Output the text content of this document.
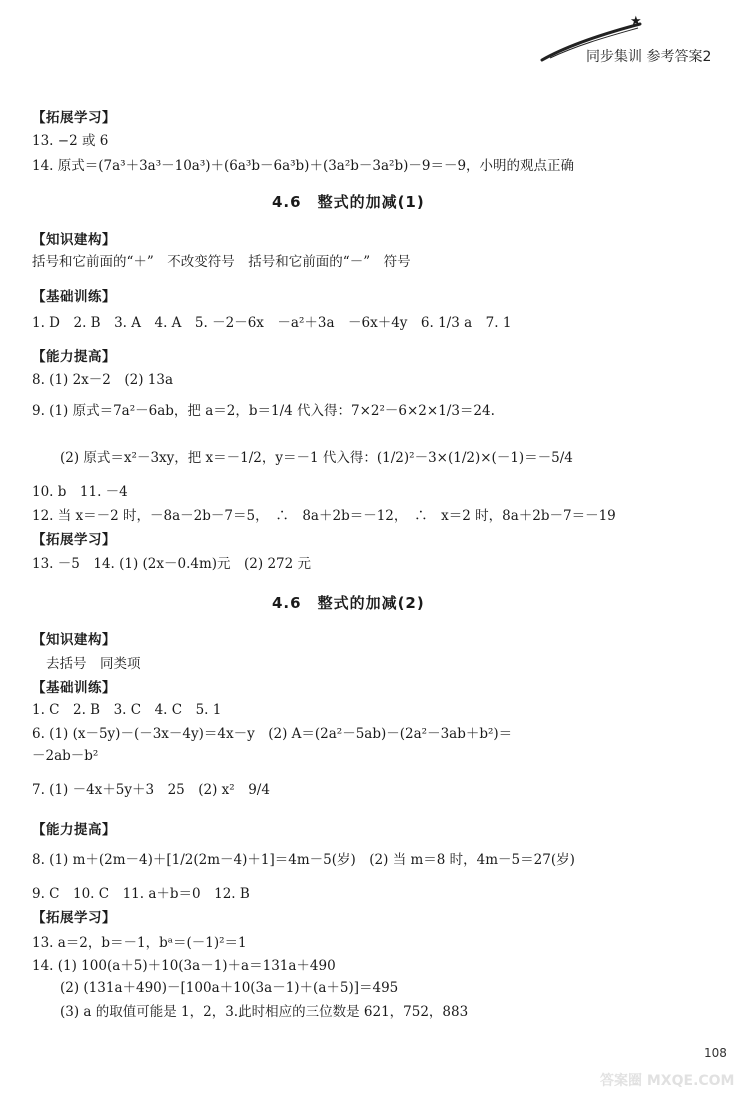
★
同步集训 参考答案2
【拓展学习】
13. −2 或 6
14. 原式＝(7a³＋3a³－10a³)＋(6a³b－6a³b)＋(3a²b－3a²b)－9＝－9，小明的观点正确
4.6　整式的加减(1)
【知识建构】
括号和它前面的“＋”　不改变符号　括号和它前面的“－”　符号
【基础训练】
1. D　2. B　3. A　4. A　5. －2－6x　－a²＋3a　－6x＋4y　6. 1/3 a　7. 1
【能力提高】
8. (1) 2x－2　(2) 13a
9. (1) 原式＝7a²－6ab，把 a＝2，b＝1/4 代入得：7×2²－6×2×1/3＝24.
(2) 原式＝x²－3xy，把 x＝－1/2，y＝－1 代入得：(1/2)²－3×(1/2)×(－1)＝－5/4
10. b　11. －4
12. 当 x＝－2 时，－8a－2b－7＝5，　∴　8a＋2b＝－12，　∴　x＝2 时，8a＋2b－7＝－19
【拓展学习】
13. －5　14. (1) (2x－0.4m)元　(2) 272 元
4.6　整式的加减(2)
【知识建构】
去括号　同类项
【基础训练】
1. C　2. B　3. C　4. C　5. 1
6. (1) (x－5y)－(－3x－4y)＝4x－y　(2) A＝(2a²－5ab)－(2a²－3ab＋b²)＝
－2ab－b²
7. (1) －4x＋5y＋3　25　(2) x²　9/4
【能力提高】
8. (1) m＋(2m－4)＋[1/2(2m－4)＋1]＝4m－5(岁)　(2) 当 m＝8 时，4m－5＝27(岁)
9. C　10. C　11. a＋b＝0　12. B
【拓展学习】
13. a＝2，b＝－1，bᵃ＝(－1)²＝1
14. (1) 100(a＋5)＋10(3a－1)＋a＝131a＋490
(2) (131a＋490)－[100a＋10(3a－1)＋(a＋5)]＝495
(3) a 的取值可能是 1，2，3.此时相应的三位数是 621，752，883
答案圈 MXQE.COM
108
